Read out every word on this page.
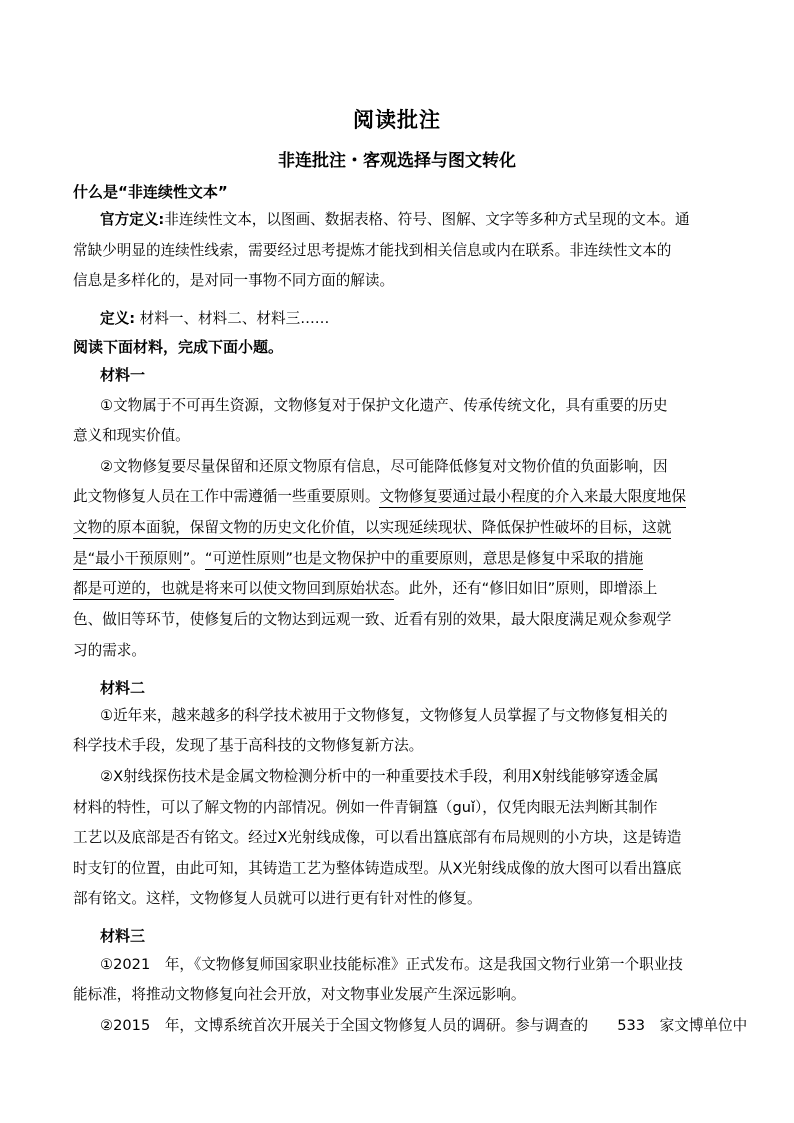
阅读批注
非连批注・客观选择与图文转化
什么是“非连续性文本”
官方定义:非连续性文本，以图画、数据表格、符号、图解、文字等多种方式呈现的文本。通
常缺少明显的连续性线索，需要经过思考提炼才能找到相关信息或内在联系。非连续性文本的
信息是多样化的，是对同一事物不同方面的解读。
定义: 材料一、材料二、材料三……
阅读下面材料，完成下面小题。
材料一
①文物属于不可再生资源，文物修复对于保护文化遗产、传承传统文化，具有重要的历史
意义和现实价值。
②文物修复要尽量保留和还原文物原有信息，尽可能降低修复对文物价值的负面影响，因
此文物修复人员在工作中需遵循一些重要原则。文物修复要通过最小程度的介入来最大限度地保
文物的原本面貌，保留文物的历史文化价值，以实现延续现状、降低保护性破坏的目标，这就
是“最小干预原则”。“可逆性原则”也是文物保护中的重要原则，意思是修复中采取的措施
都是可逆的，也就是将来可以使文物回到原始状态。此外，还有“修旧如旧”原则，即增添上
色、做旧等环节，使修复后的文物达到远观一致、近看有别的效果，最大限度满足观众参观学
习的需求。
材料二
①近年来，越来越多的科学技术被用于文物修复，文物修复人员掌握了与文物修复相关的
科学技术手段，发现了基于高科技的文物修复新方法。
②X射线探伤技术是金属文物检测分析中的一种重要技术手段，利用X射线能够穿透金属
材料的特性，可以了解文物的内部情况。例如一件青铜簋（guǐ），仅凭肉眼无法判断其制作
工艺以及底部是否有铭文。经过X光射线成像，可以看出簋底部有布局规则的小方块，这是铸造
时支钉的位置，由此可知，其铸造工艺为整体铸造成型。从X光射线成像的放大图可以看出簋底
部有铭文。这样，文物修复人员就可以进行更有针对性的修复。
材料三
①2021　年，《文物修复师国家职业技能标准》正式发布。这是我国文物行业第一个职业技
能标准，将推动文物修复向社会开放，对文物事业发展产生深远影响。
②2015　年，文博系统首次开展关于全国文物修复人员的调研。参与调查的　　533　家文博单位中
